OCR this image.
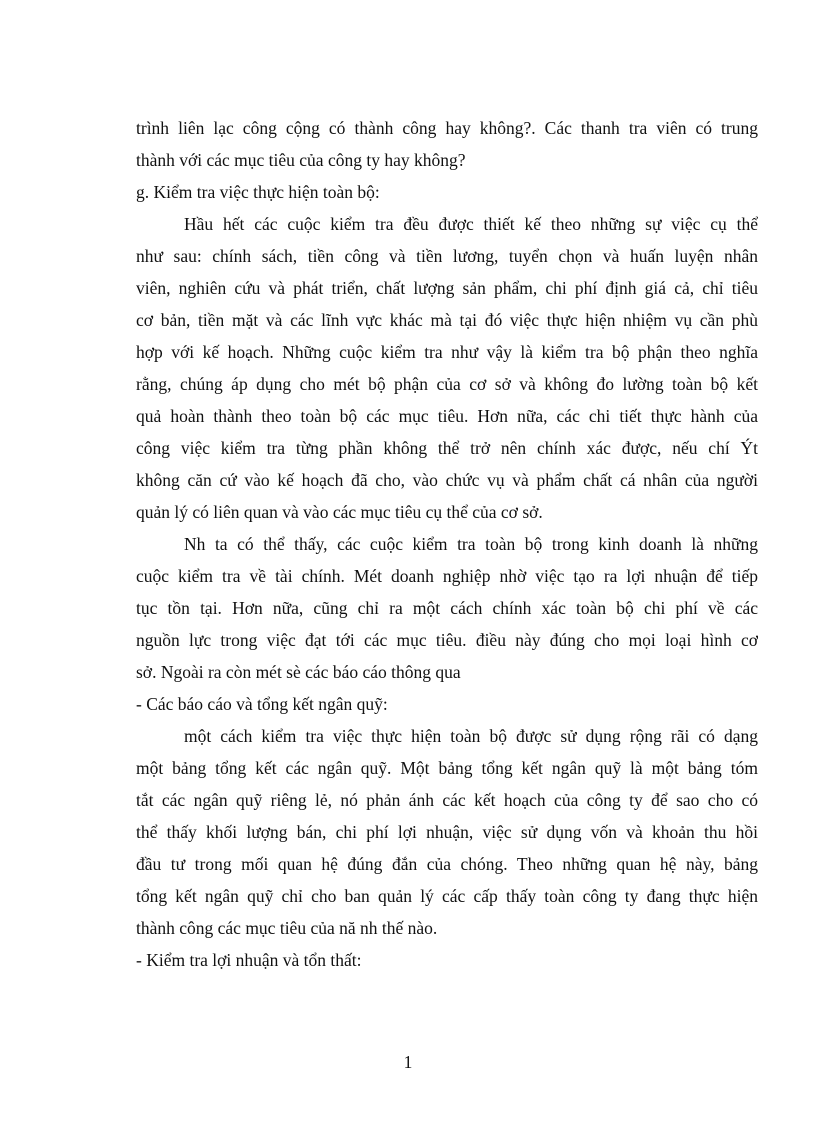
trình liên lạc công cộng có thành công hay không?. Các thanh tra viên có trung
thành với các mục tiêu của công ty hay không?
g. Kiểm tra việc thực hiện toàn bộ:
Hầu hết các cuộc kiểm tra đều được thiết kế theo những sự việc cụ thể
như sau: chính sách, tiền công và tiền lương, tuyển chọn và huấn luyện nhân
viên, nghiên cứu và phát triển, chất lượng sản phẩm, chi phí định giá cả, chỉ tiêu
cơ bản, tiền mặt và các lĩnh vực khác mà tại đó việc thực hiện nhiệm vụ cần phù
hợp với kế hoạch. Những cuộc kiểm tra như vậy là kiểm tra bộ phận theo nghĩa
rằng, chúng áp dụng cho mét bộ phận của cơ sở và không đo lường toàn bộ kết
quả hoàn thành theo toàn bộ các mục tiêu. Hơn nữa, các chi tiết thực hành của
công việc kiểm tra từng phần không thể trở nên chính xác được, nếu chí Ýt
không căn cứ vào kế hoạch đã cho, vào chức vụ và phẩm chất cá nhân của người
quản lý có liên quan và vào các mục tiêu cụ thể của cơ sở.
Nh ta có thể thấy, các cuộc kiểm tra toàn bộ trong kinh doanh là những
cuộc kiểm tra về tài chính. Mét doanh nghiệp nhờ việc tạo ra lợi nhuận để tiếp
tục tồn tại. Hơn nữa, cũng chỉ ra một cách chính xác toàn bộ chi phí về các
nguồn lực trong việc đạt tới các mục tiêu. điều này đúng cho mọi loại hình cơ
sở. Ngoài ra còn mét sè các báo cáo thông qua
- Các báo cáo và tổng kết ngân quỹ:
một cách kiểm tra việc thực hiện toàn bộ được sử dụng rộng rãi có dạng
một bảng tổng kết các ngân quỹ. Một bảng tổng kết ngân quỹ là một bảng tóm
tắt các ngân quỹ riêng lẻ, nó phản ánh các kết hoạch của công ty để sao cho có
thể thấy khối lượng bán, chi phí lợi nhuận, việc sử dụng vốn và khoản thu hồi
đầu tư trong mối quan hệ đúng đắn của chóng. Theo những quan hệ này, bảng
tổng kết ngân quỹ chỉ cho ban quản lý các cấp thấy toàn công ty đang thực hiện
thành công các mục tiêu của nă nh thế nào.
- Kiểm tra lợi nhuận và tổn thất:
1
